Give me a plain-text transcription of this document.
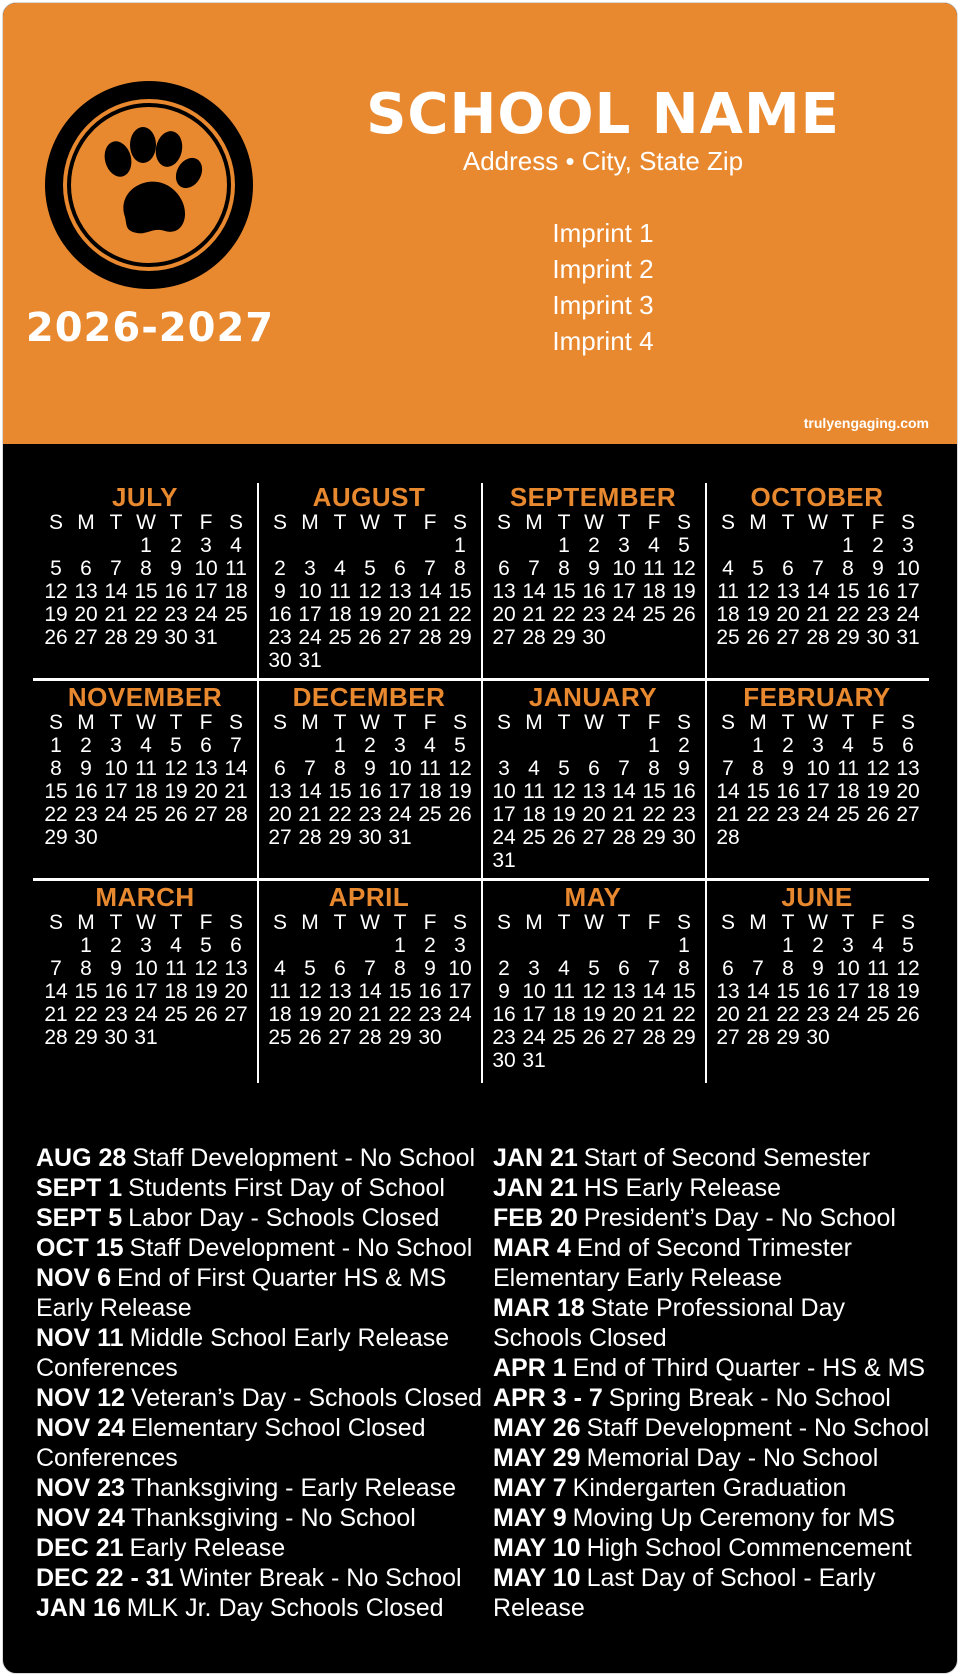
2026-2027
SCHOOL NAME
Address • City, State Zip
Imprint 1
Imprint 2
Imprint 3
Imprint 4
trulyengaging.com
JULY
S M T W T F S
1 2 3 4
5 6 7 8 9 10 11
12 13 14 15 16 17 18
19 20 21 22 23 24 25
26 27 28 29 30 31
AUGUST
S M T W T F S
1
2 3 4 5 6 7 8
9 10 11 12 13 14 15
16 17 18 19 20 21 22
23 24 25 26 27 28 29
30 31
SEPTEMBER
S M T W T F S
1 2 3 4 5
6 7 8 9 10 11 12
13 14 15 16 17 18 19
20 21 22 23 24 25 26
27 28 29 30
OCTOBER
S M T W T F S
1 2 3
4 5 6 7 8 9 10
11 12 13 14 15 16 17
18 19 20 21 22 23 24
25 26 27 28 29 30 31
NOVEMBER
S M T W T F S
1 2 3 4 5 6 7
8 9 10 11 12 13 14
15 16 17 18 19 20 21
22 23 24 25 26 27 28
29 30
DECEMBER
S M T W T F S
1 2 3 4 5
6 7 8 9 10 11 12
13 14 15 16 17 18 19
20 21 22 23 24 25 26
27 28 29 30 31
JANUARY
S M T W T F S
1 2
3 4 5 6 7 8 9
10 11 12 13 14 15 16
17 18 19 20 21 22 23
24 25 26 27 28 29 30
31
FEBRUARY
S M T W T F S
1 2 3 4 5 6
7 8 9 10 11 12 13
14 15 16 17 18 19 20
21 22 23 24 25 26 27
28
MARCH
S M T W T F S
1 2 3 4 5 6
7 8 9 10 11 12 13
14 15 16 17 18 19 20
21 22 23 24 25 26 27
28 29 30 31
APRIL
S M T W T F S
1 2 3
4 5 6 7 8 9 10
11 12 13 14 15 16 17
18 19 20 21 22 23 24
25 26 27 28 29 30
MAY
S M T W T F S
1
2 3 4 5 6 7 8
9 10 11 12 13 14 15
16 17 18 19 20 21 22
23 24 25 26 27 28 29
30 31
JUNE
S M T W T F S
1 2 3 4 5
6 7 8 9 10 11 12
13 14 15 16 17 18 19
20 21 22 23 24 25 26
27 28 29 30
AUG 28 Staff Development - No School
SEPT 1 Students First Day of School
SEPT 5 Labor Day - Schools Closed
OCT 15 Staff Development - No School
NOV 6 End of First Quarter HS & MS
Early Release
NOV 11 Middle School Early Release
Conferences
NOV 12 Veteran’s Day - Schools Closed
NOV 24 Elementary School Closed
Conferences
NOV 23 Thanksgiving - Early Release
NOV 24 Thanksgiving - No School
DEC 21 Early Release
DEC 22 - 31 Winter Break - No School
JAN 16 MLK Jr. Day Schools Closed
JAN 21 Start of Second Semester
JAN 21 HS Early Release
FEB 20 President’s Day - No School
MAR 4 End of Second Trimester
Elementary Early Release
MAR 18 State Professional Day
Schools Closed
APR 1 End of Third Quarter - HS & MS
APR 3 - 7 Spring Break - No School
MAY 26 Staff Development - No School
MAY 29 Memorial Day - No School
MAY 7 Kindergarten Graduation
MAY 9 Moving Up Ceremony for MS
MAY 10 High School Commencement
MAY 10 Last Day of School - Early
Release
